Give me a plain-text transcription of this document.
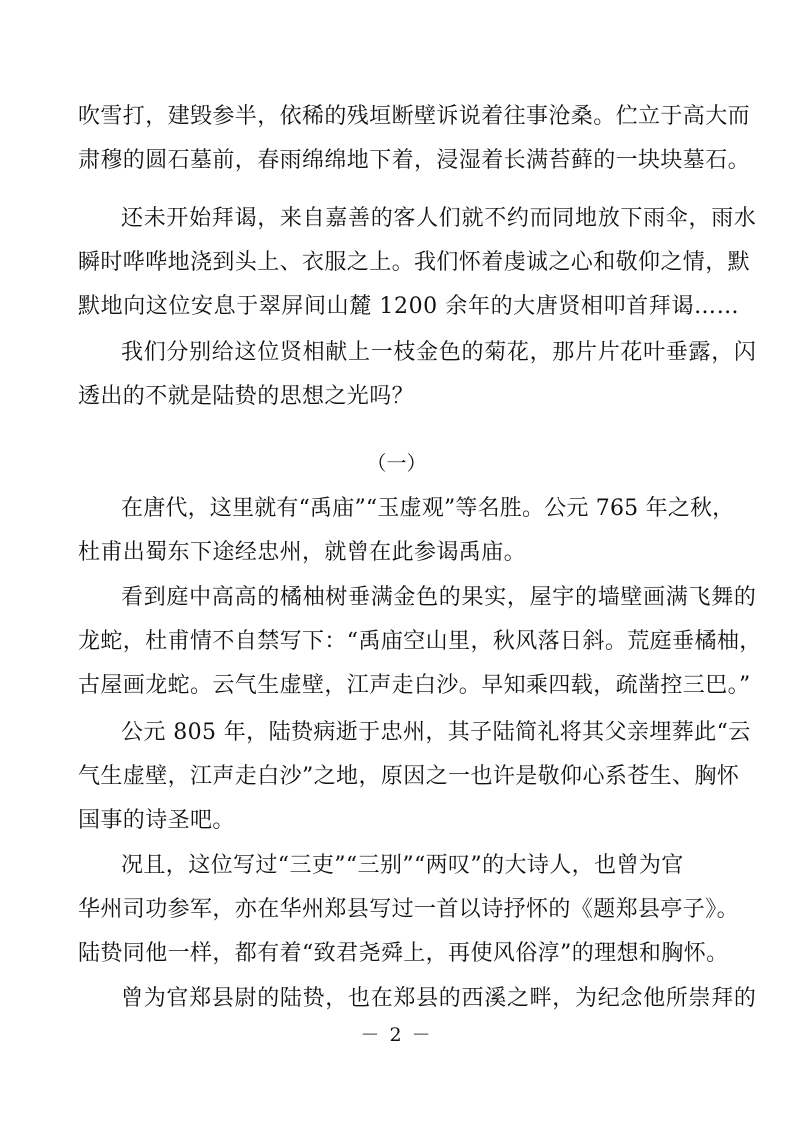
吹雪打，建毁参半，依稀的残垣断壁诉说着往事沧桑。伫立于高大而
肃穆的圆石墓前，春雨绵绵地下着，浸湿着长满苔藓的一块块墓石。
还未开始拜谒，来自嘉善的客人们就不约而同地放下雨伞，雨水
瞬时哗哗地浇到头上、衣服之上。我们怀着虔诚之心和敬仰之情，默
默地向这位安息于翠屏间山麓 1200 余年的大唐贤相叩首拜谒……
我们分别给这位贤相献上一枝金色的菊花，那片片花叶垂露，闪
透出的不就是陆贽的思想之光吗？
（一）
在唐代，这里就有“禹庙”“玉虚观”等名胜。公元 765 年之秋，
杜甫出蜀东下途经忠州，就曾在此参谒禹庙。
看到庭中高高的橘柚树垂满金色的果实，屋宇的墙壁画满飞舞的
龙蛇，杜甫情不自禁写下：“禹庙空山里，秋风落日斜。荒庭垂橘柚，
古屋画龙蛇。云气生虚壁，江声走白沙。早知乘四载，疏凿控三巴。”
公元 805 年，陆贽病逝于忠州，其子陆简礼将其父亲埋葬此“云
气生虚壁，江声走白沙”之地，原因之一也许是敬仰心系苍生、胸怀
国事的诗圣吧。
况且，这位写过“三吏”“三别”“两叹”的大诗人，也曾为官
华州司功参军，亦在华州郑县写过一首以诗抒怀的《题郑县亭子》。
陆贽同他一样，都有着“致君尧舜上，再使风俗淳”的理想和胸怀。
曾为官郑县尉的陆贽，也在郑县的西溪之畔，为纪念他所崇拜的
－ 2 －
